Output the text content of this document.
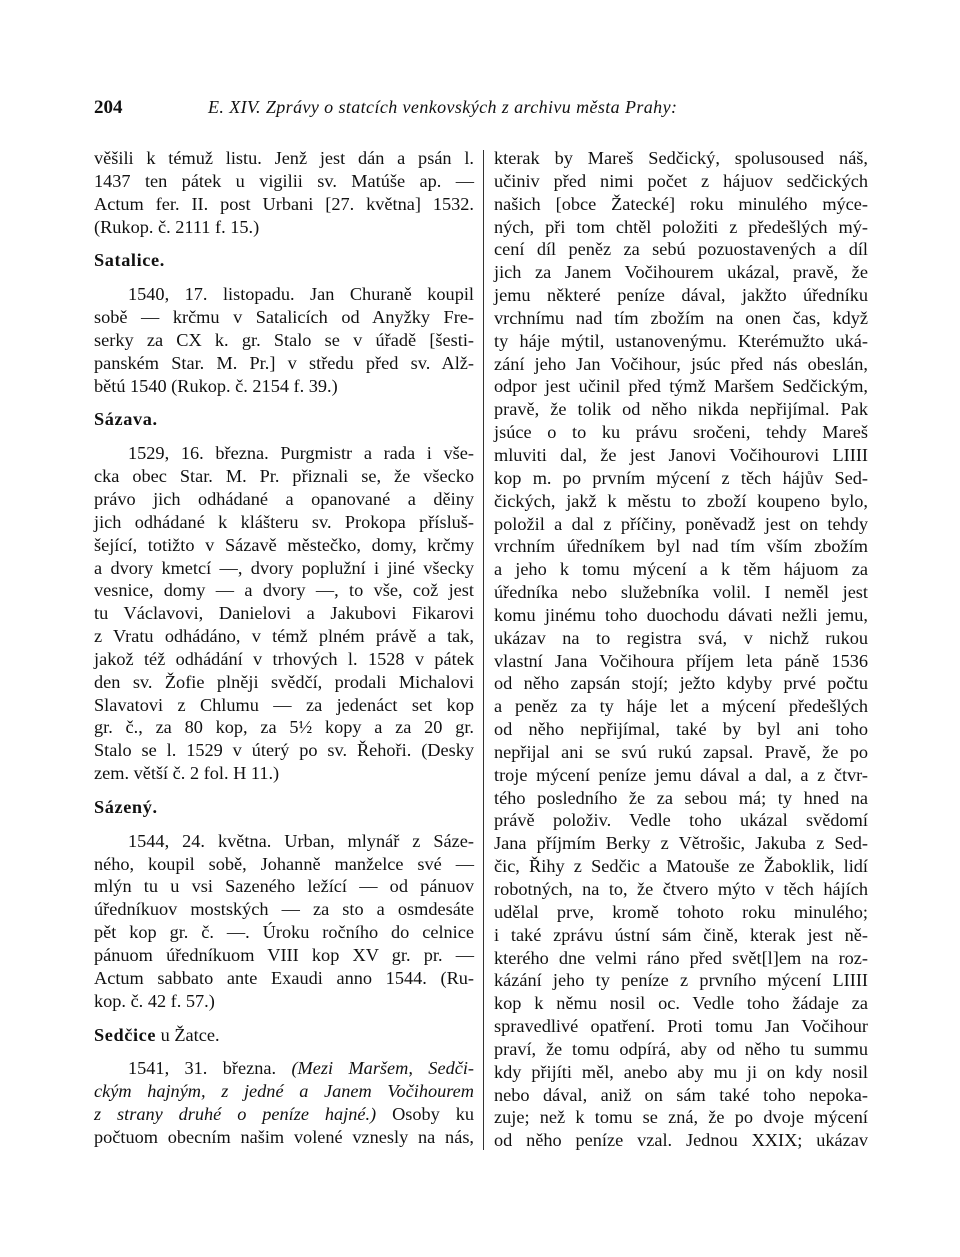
204	E. XIV. Zprávy o statcích venkovských z archivu města Prahy:
věšili k témuž listu. Jenž jest dán a psán l.
1437 ten pátek u vigilii sv. Matúše ap. —
Actum fer. II. post Urbani [27. května] 1532.
(Rukop. č. 2111 f. 15.)
Satalice.
1540, 17. listopadu. Jan Churaně koupil
sobě — krčmu v Satalicích od Anyžky Fre-
serky za CX k. gr. Stalo se v úřadě [šesti-
panském Star. M. Pr.] v středu před sv. Alž-
bětú 1540 (Rukop. č. 2154 f. 39.)
Sázava.
1529, 16. března. Purgmistr a rada i vše-
cka obec Star. M. Pr. přiznali se, že všecko
právo jich odhádané a opanované a děiny
jich odhádané k klášteru sv. Prokopa přísluš-
šející, totižto v Sázavě městečko, domy, krčmy
a dvory kmetcí —, dvory poplužní i jiné všecky
vesnice, domy — a dvory —, to vše, což jest
tu Václavovi, Danielovi a Jakubovi Fikarovi
z Vratu odhádáno, v témž plném právě a tak,
jakož též odhádání v trhových l. 1528 v pátek
den sv. Žofie plněji svědčí, prodali Michalovi
Slavatovi z Chlumu — za jedenáct set kop
gr. č., za 80 kop, za 5½ kopy a za 20 gr.
Stalo se l. 1529 v úterý po sv. Řehoři. (Desky
zem. větší č. 2 fol. H 11.)
Sázený.
1544, 24. května. Urban, mlynář z Sáze-
ného, koupil sobě, Johanně manželce své —
mlýn tu u vsi Sazeného ležící — od pánuov
úředníkuov mostských — za sto a osmdesáte
pět kop gr. č. —. Úroku ročního do celnice
pánuom úředníkuom VIII kop XV gr. pr. —
Actum sabbato ante Exaudi anno 1544. (Ru-
kop. č. 42 f. 57.)
Sedčice u Žatce.
1541, 31. března. (Mezi Maršem, Sedči-
ckým hajným, z jedné a Janem Vočihourem
z strany druhé o peníze hajné.) Osoby ku
počtuom obecním našim volené vznesly na nás,
kterak by Mareš Sedčický, spolusoused náš,
učiniv před nimi počet z hájuov sedčických
našich [obce Žatecké] roku minulého mýce-
ných, při tom chtěl položiti z předešlých mý-
cení díl peněz za sebú pozuostavených a díl
jich za Janem Vočihourem ukázal, pravě, že
jemu některé peníze dával, jakžto úředníku
vrchnímu nad tím zbožím na onen čas, když
ty háje mýtil, ustanovenýmu. Kterémužto uká-
zání jeho Jan Vočihour, jsúc před nás obeslán,
odpor jest učinil před týmž Maršem Sedčickým,
pravě, že tolik od něho nikda nepřijímal. Pak
jsúce o to ku právu sročeni, tehdy Mareš
mluviti dal, že jest Janovi Vočihourovi LIIII
kop m. po prvním mýcení z těch hájův Sed-
čických, jakž k městu to zboží koupeno bylo,
položil a dal z příčiny, poněvadž jest on tehdy
vrchním úředníkem byl nad tím vším zbožím
a jeho k tomu mýcení a k těm hájuom za
úředníka nebo služebníka volil. I neměl jest
komu jinému toho duochodu dávati nežli jemu,
ukázav na to registra svá, v nichž rukou
vlastní Jana Vočihoura příjem leta páně 1536
od něho zapsán stojí; ježto kdyby prvé počtu
a peněz za ty háje let a mýcení předešlých
od něho nepřijímal, také by byl ani toho
nepřijal ani se svú rukú zapsal. Pravě, že po
troje mýcení peníze jemu dával a dal, a z čtvr-
tého posledního že za sebou má; ty hned na
právě položiv. Vedle toho ukázal svědomí
Jana příjmím Berky z Větrošic, Jakuba z Sed-
čic, Řihy z Sedčic a Matouše ze Žaboklik, lidí
robotných, na to, že čtvero mýto v těch hájích
udělal prve, kromě tohoto roku minulého;
i také zprávu ústní sám čině, kterak jest ně-
kterého dne velmi ráno před svět[l]em na roz-
kázání jeho ty peníze z prvního mýcení LIIII
kop k němu nosil oc. Vedle toho žádaje za
spravedlivé opatření. Proti tomu Jan Vočihour
praví, že tomu odpírá, aby od něho tu summu
kdy přijíti měl, anebo aby mu ji on kdy nosil
nebo dával, aniž on sám také toho nepoka-
zuje; než k tomu se zná, že po dvoje mýcení
od něho peníze vzal. Jednou XXIX; ukázav
